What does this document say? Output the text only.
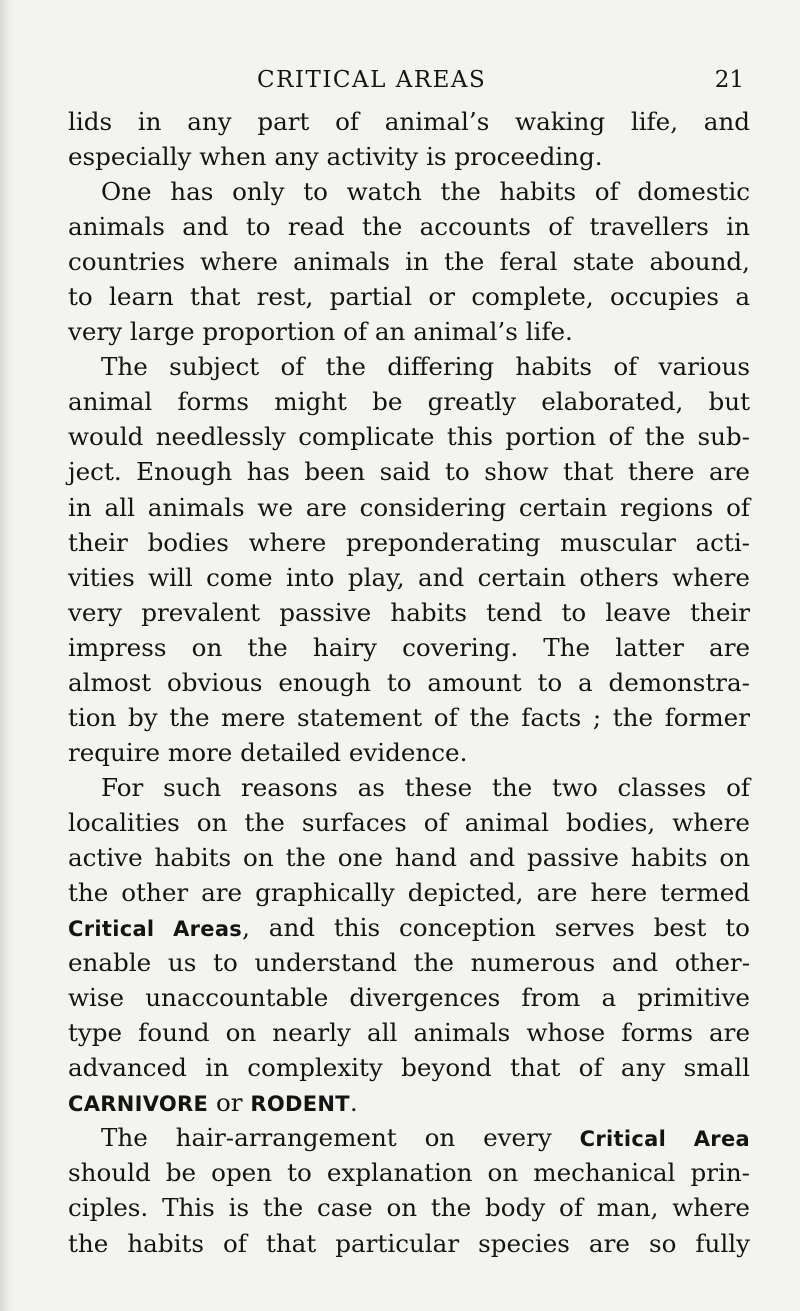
CRITICAL AREAS	21
lids in any part of animal’s waking life, and
especially when any activity is proceeding.
One has only to watch the habits of domestic
animals and to read the accounts of travellers in
countries where animals in the feral state abound,
to learn that rest, partial or complete, occupies a
very large proportion of an animal’s life.
The subject of the differing habits of various
animal forms might be greatly elaborated, but
would needlessly complicate this portion of the sub-
ject. Enough has been said to show that there are
in all animals we are considering certain regions of
their bodies where preponderating muscular acti-
vities will come into play, and certain others where
very prevalent passive habits tend to leave their
impress on the hairy covering. The latter are
almost obvious enough to amount to a demonstra-
tion by the mere statement of the facts ; the former
require more detailed evidence.
For such reasons as these the two classes of
localities on the surfaces of animal bodies, where
active habits on the one hand and passive habits on
the other are graphically depicted, are here termed
Critical Areas, and this conception serves best to
enable us to understand the numerous and other-
wise unaccountable divergences from a primitive
type found on nearly all animals whose forms are
advanced in complexity beyond that of any small
CARNIVORE or RODENT.
The hair-arrangement on every Critical Area
should be open to explanation on mechanical prin-
ciples. This is the case on the body of man, where
the habits of that particular species are so fully
